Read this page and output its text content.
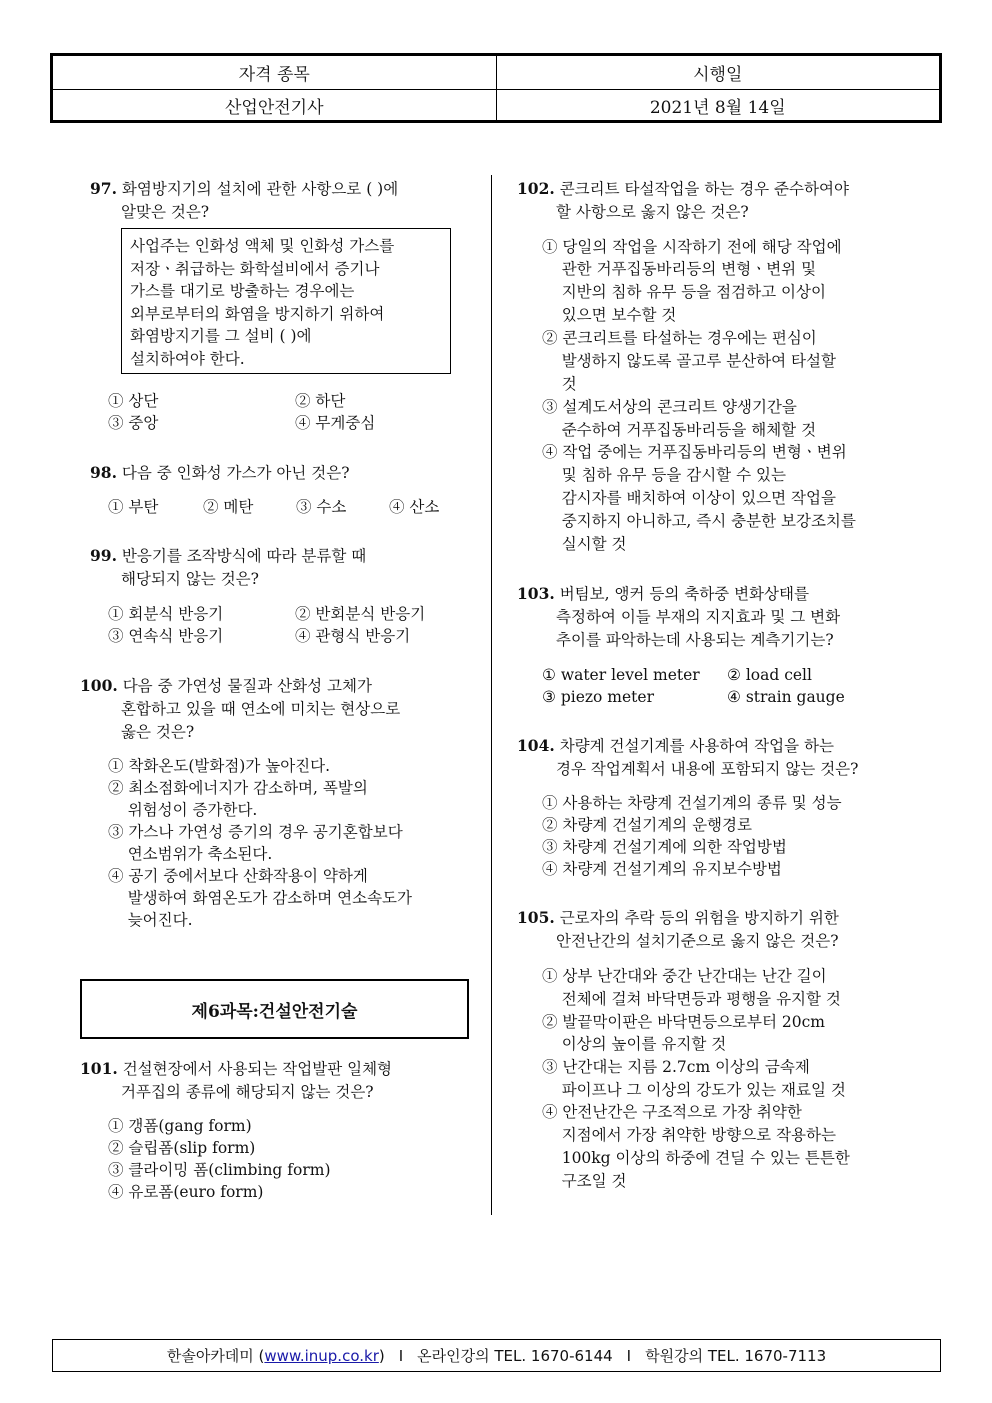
자격 종목	시행일
산업안전기사	2021년 8월 14일
97. 화염방지기의 설치에 관한 사항으로 ( )에
알맞은 것은?
사업주는 인화성 액체 및 인화성 가스를
저장ㆍ취급하는 화학설비에서 증기나
가스를 대기로 방출하는 경우에는
외부로부터의 화염을 방지하기 위하여
화염방지기를 그 설비 ( )에
설치하여야 한다.
① 상단	② 하단
③ 중앙	④ 무게중심
98. 다음 중 인화성 가스가 아닌 것은?
① 부탄	② 메탄	③ 수소	④ 산소
99. 반응기를 조작방식에 따라 분류할 때
해당되지 않는 것은?
① 회분식 반응기	② 반회분식 반응기
③ 연속식 반응기	④ 관형식 반응기
100. 다음 중 가연성 물질과 산화성 고체가
혼합하고 있을 때 연소에 미치는 현상으로
옳은 것은?
① 착화온도(발화점)가 높아진다.
② 최소점화에너지가 감소하며, 폭발의
위험성이 증가한다.
③ 가스나 가연성 증기의 경우 공기혼합보다
연소범위가 축소된다.
④ 공기 중에서보다 산화작용이 약하게
발생하여 화염온도가 감소하며 연소속도가
늦어진다.
제6과목:건설안전기술
101. 건설현장에서 사용되는 작업발판 일체형
거푸집의 종류에 해당되지 않는 것은?
① 갱폼(gang form)
② 슬립폼(slip form)
③ 클라이밍 폼(climbing form)
④ 유로폼(euro form)
102. 콘크리트 타설작업을 하는 경우 준수하여야
할 사항으로 옳지 않은 것은?
① 당일의 작업을 시작하기 전에 해당 작업에
관한 거푸집동바리등의 변형ㆍ변위 및
지반의 침하 유무 등을 점검하고 이상이
있으면 보수할 것
② 콘크리트를 타설하는 경우에는 편심이
발생하지 않도록 골고루 분산하여 타설할
것
③ 설계도서상의 콘크리트 양생기간을
준수하여 거푸집동바리등을 해체할 것
④ 작업 중에는 거푸집동바리등의 변형ㆍ변위
및 침하 유무 등을 감시할 수 있는
감시자를 배치하여 이상이 있으면 작업을
중지하지 아니하고, 즉시 충분한 보강조치를
실시할 것
103. 버팀보, 앵커 등의 축하중 변화상태를
측정하여 이들 부재의 지지효과 및 그 변화
추이를 파악하는데 사용되는 계측기기는?
① water level meter ② load cell
③ piezo meter	④ strain gauge
104. 차량계 건설기계를 사용하여 작업을 하는
경우 작업계획서 내용에 포함되지 않는 것은?
① 사용하는 차량계 건설기계의 종류 및 성능
② 차량계 건설기계의 운행경로
③ 차량계 건설기계에 의한 작업방법
④ 차량계 건설기계의 유지보수방법
105. 근로자의 추락 등의 위험을 방지하기 위한
안전난간의 설치기준으로 옳지 않은 것은?
① 상부 난간대와 중간 난간대는 난간 길이
전체에 걸쳐 바닥면등과 평행을 유지할 것
② 발끝막이판은 바닥면등으로부터 20cm
이상의 높이를 유지할 것
③ 난간대는 지름 2.7cm 이상의 금속제
파이프나 그 이상의 강도가 있는 재료일 것
④ 안전난간은 구조적으로 가장 취약한
지점에서 가장 취약한 방향으로 작용하는
100kg 이상의 하중에 견딜 수 있는 튼튼한
구조일 것
한솔아카데미 ( www.inup.co.kr ) I 온라인강의 TEL. 1670-6144 I 학원강의 TEL. 1670-7113
